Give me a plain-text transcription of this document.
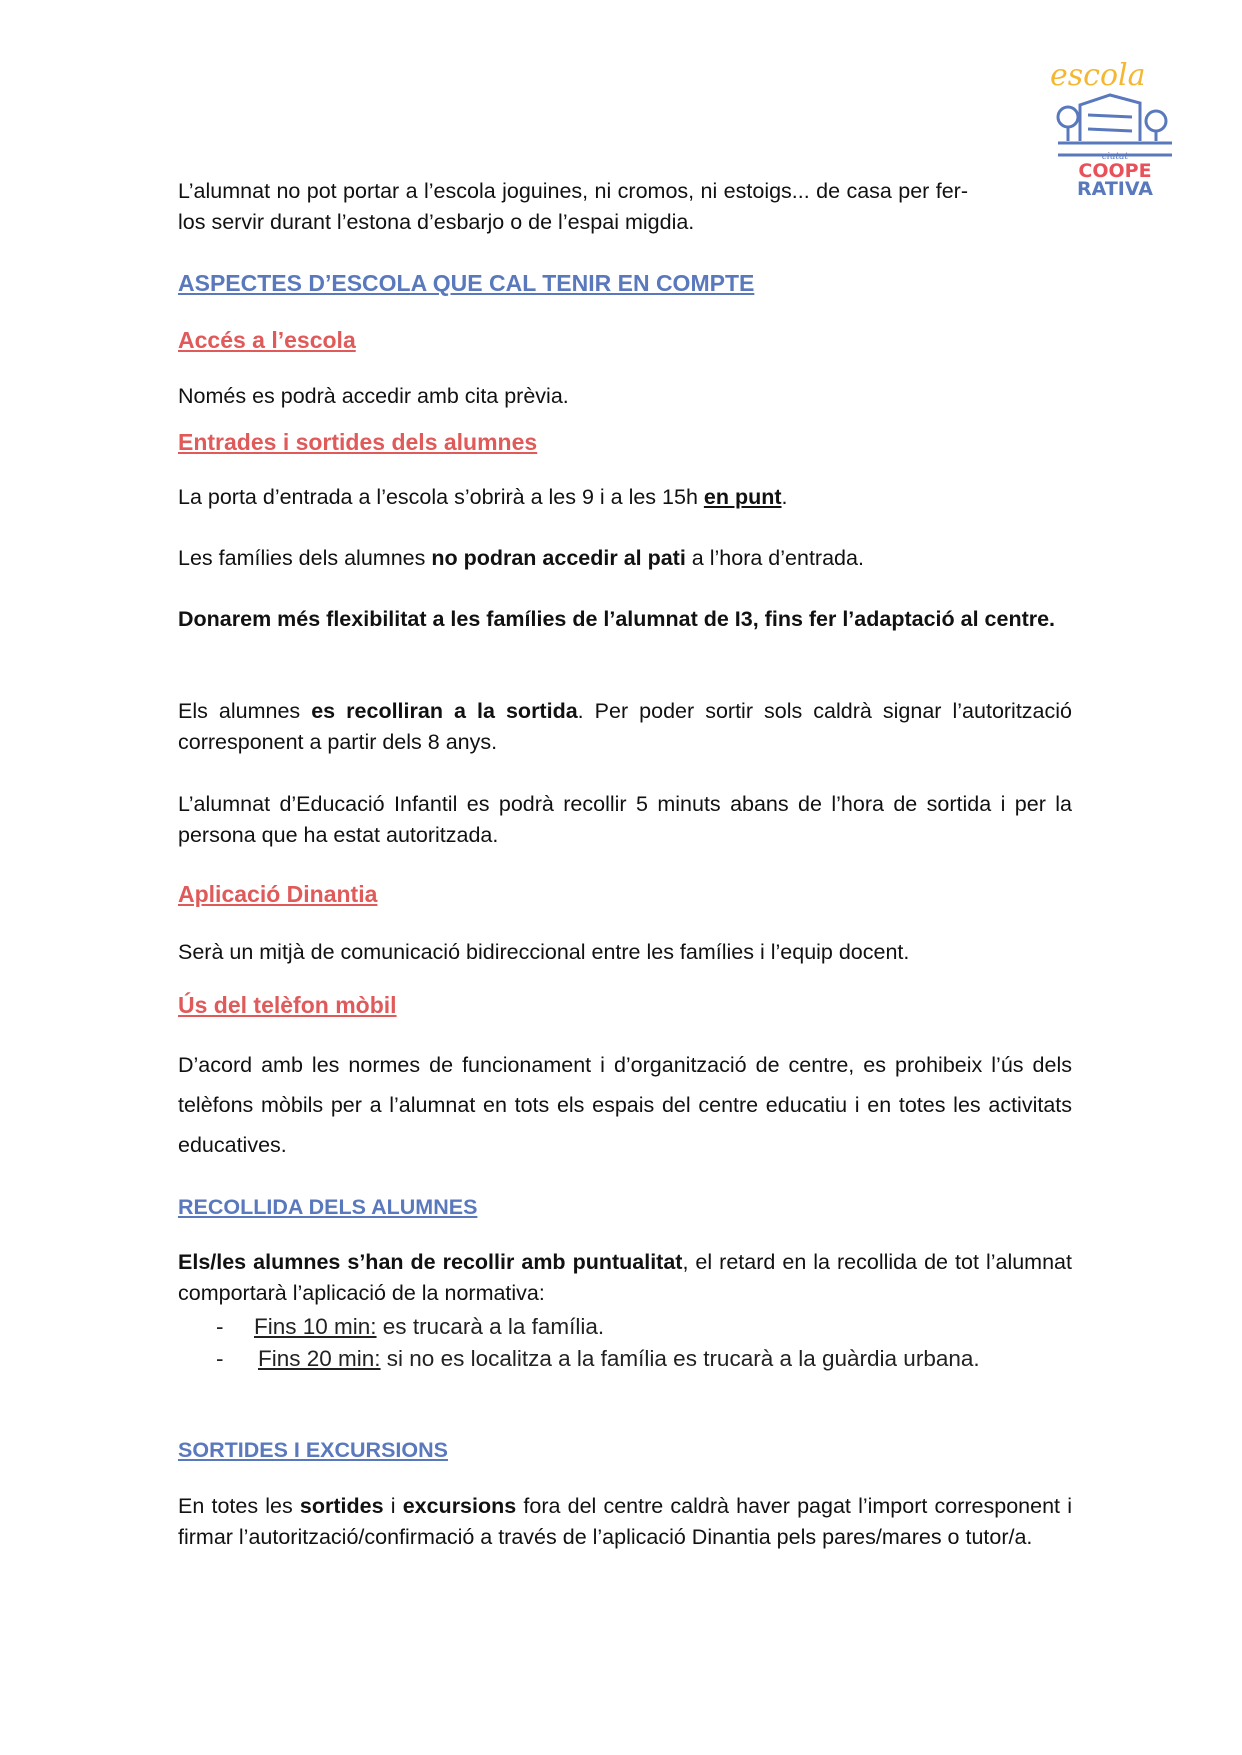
escola
ciutat
COOPE
RATIVA
L’alumnat no pot portar a l’escola joguines, ni cromos, ni estoigs... de casa per fer-los servir durant l’estona d’esbarjo o de l’espai migdia.
ASPECTES D’ESCOLA QUE CAL TENIR EN COMPTE
Accés a l’escola
Només es podrà accedir amb cita prèvia.
Entrades i sortides dels alumnes
La porta d’entrada a l’escola s’obrirà a les 9 i a les 15h en punt.
Les famílies dels alumnes no podran accedir al pati a l’hora d’entrada.
Donarem més flexibilitat a les famílies de l’alumnat de I3, fins fer l’adaptació al centre.
Els alumnes es recolliran a la sortida. Per poder sortir sols caldrà signar l’autorització corresponent a partir dels 8 anys.
L’alumnat d’Educació Infantil es podrà recollir 5 minuts abans de l’hora de sortida i per la persona que ha estat autoritzada.
Aplicació Dinantia
Serà un mitjà de comunicació bidireccional entre les famílies i l’equip docent.
Ús del telèfon mòbil
D’acord amb les normes de funcionament i d’organització de centre, es prohibeix l’ús dels telèfons mòbils per a l’alumnat en tots els espais del centre educatiu i en totes les activitats educatives.
RECOLLIDA DELS ALUMNES
Els/les alumnes s’han de recollir amb puntualitat, el retard en la recollida de tot l’alumnat comportarà l’aplicació de la normativa:
- Fins 10 min: es trucarà a la família.
- Fins 20 min: si no es localitza a la família es trucarà a la guàrdia urbana.
SORTIDES I EXCURSIONS
En totes les sortides i excursions fora del centre caldrà haver pagat l’import corresponent i firmar l’autorització/confirmació a través de l’aplicació Dinantia pels pares/mares o tutor/a.
